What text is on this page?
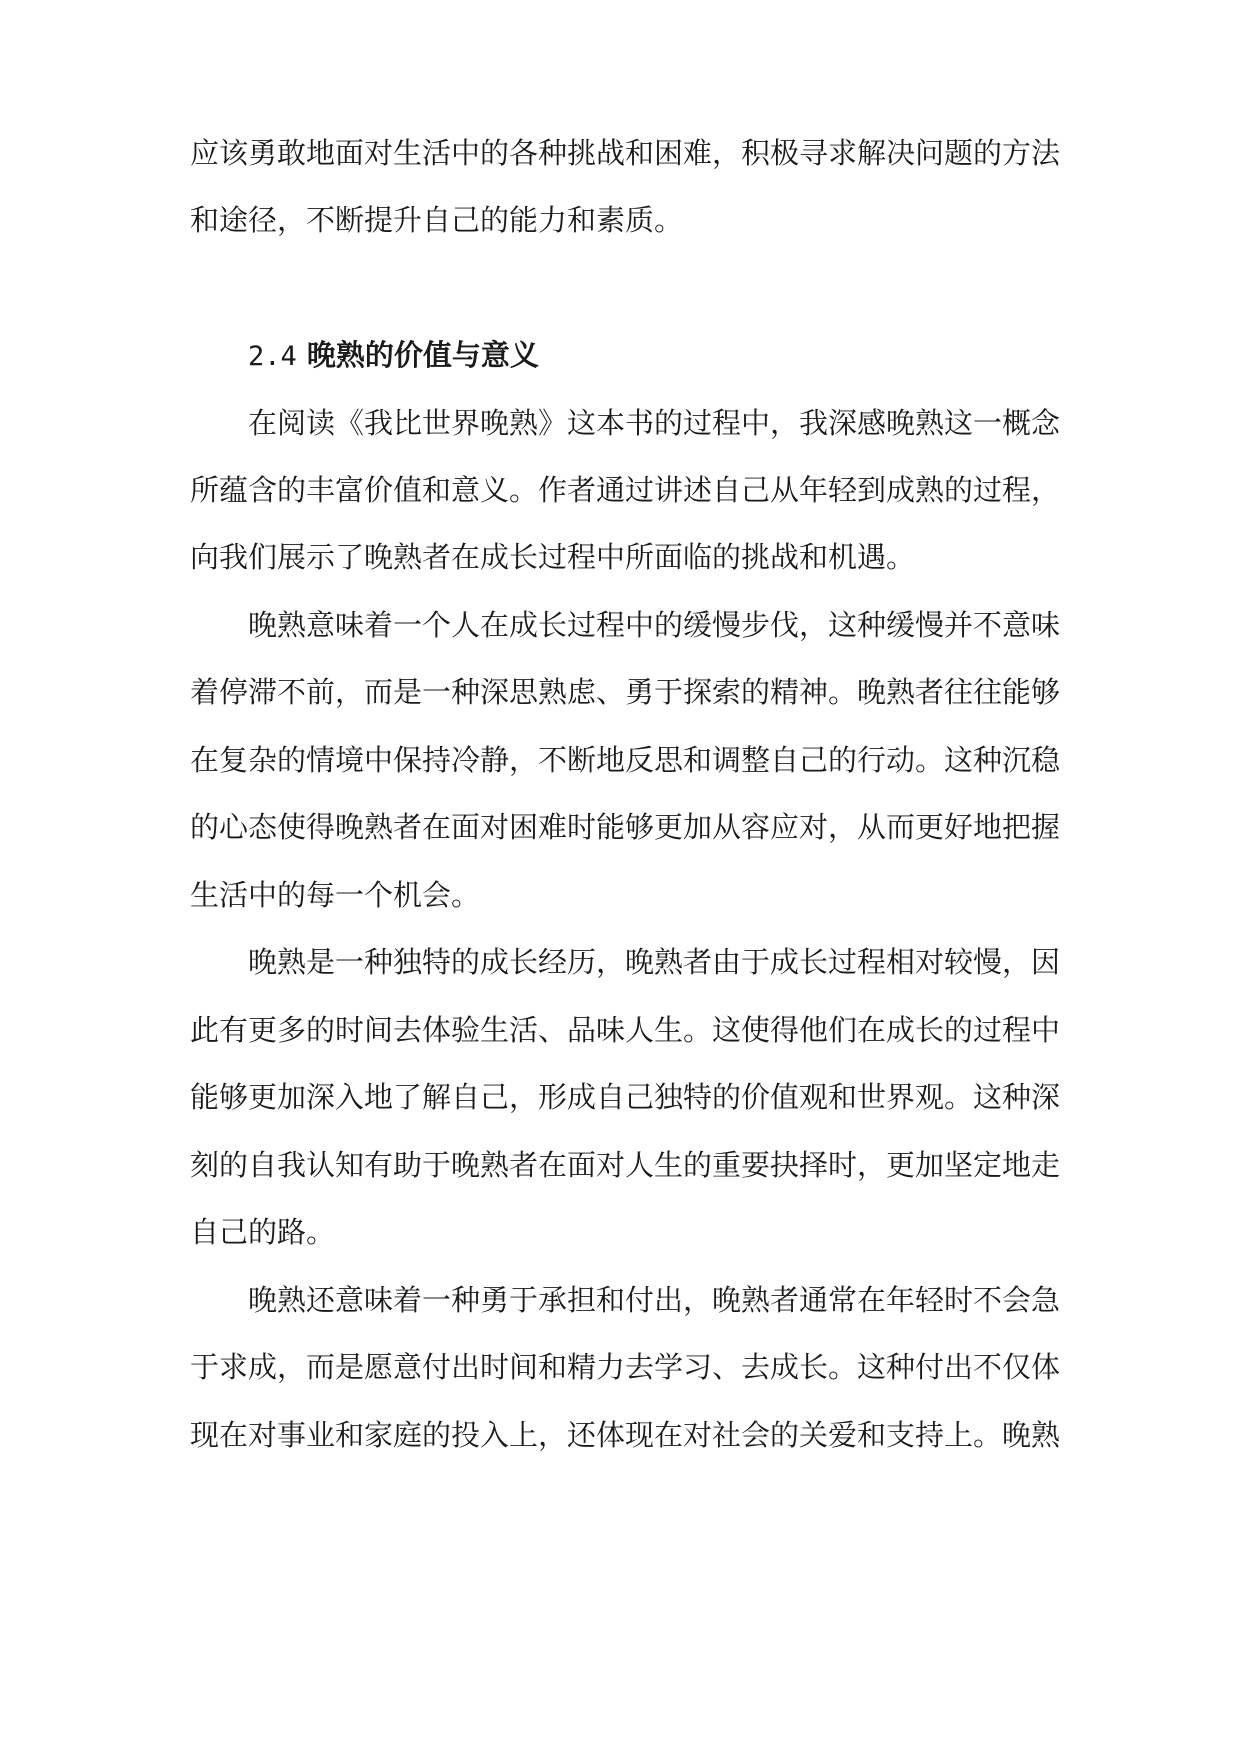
应该勇敢地面对生活中的各种挑战和困难，积极寻求解决问题的方法
和途径，不断提升自己的能力和素质。
2.4 晚熟的价值与意义
在阅读《我比世界晚熟》这本书的过程中，我深感晚熟这一概念
所蕴含的丰富价值和意义。作者通过讲述自己从年轻到成熟的过程，
向我们展示了晚熟者在成长过程中所面临的挑战和机遇。
晚熟意味着一个人在成长过程中的缓慢步伐，这种缓慢并不意味
着停滞不前，而是一种深思熟虑、勇于探索的精神。晚熟者往往能够
在复杂的情境中保持冷静，不断地反思和调整自己的行动。这种沉稳
的心态使得晚熟者在面对困难时能够更加从容应对，从而更好地把握
生活中的每一个机会。
晚熟是一种独特的成长经历，晚熟者由于成长过程相对较慢，因
此有更多的时间去体验生活、品味人生。这使得他们在成长的过程中
能够更加深入地了解自己，形成自己独特的价值观和世界观。这种深
刻的自我认知有助于晚熟者在面对人生的重要抉择时，更加坚定地走
自己的路。
晚熟还意味着一种勇于承担和付出，晚熟者通常在年轻时不会急
于求成，而是愿意付出时间和精力去学习、去成长。这种付出不仅体
现在对事业和家庭的投入上，还体现在对社会的关爱和支持上。晚熟
